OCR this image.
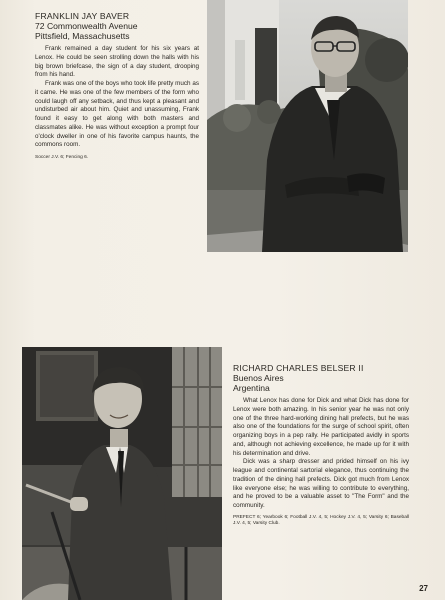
FRANKLIN JAY BAVER
72 Commonwealth Avenue
Pittsfield, Massachusetts

Frank remained a day student for his six years at Lenox. He could be seen strolling down the halls with his big brown briefcase, the sign of a day student, drooping from his hand.

Frank was one of the boys who took life pretty much as it came. He was one of the few members of the form who could laugh off any setback, and thus kept a pleasant and undisturbed air about him. Quiet and unassuming, Frank found it easy to get along with both masters and classmates alike. He was without exception a prompt four o'clock dweller in one of his favorite campus haunts, the commons room.

Soccer J.V. 6; Fencing 6.
RICHARD CHARLES BELSER II
Buenos Aires
Argentina

What Lenox has done for Dick and what Dick has done for Lenox were both amazing. In his senior year he was not only one of the three hard-working dining hall prefects, but he was also one of the foundations for the surge of school spirit, often organizing boys in a pep rally. He participated avidly in sports and, although not achieving excellence, he made up for it with his determination and drive.

Dick was a sharp dresser and prided himself on his ivy league and continental sartorial elegance, thus continuing the tradition of the dining hall prefects. Dick got much from Lenox like everyone else; he was willing to contribute to everything, and he proved to be a valuable asset to "The Form" and the community.

PREFECT 6; Yearbook 6; Football J.V. 4, 5; Hockey J.V. 4, 5; Varsity 6; Baseball J.V. 4, 5; Varsity Club.
27
